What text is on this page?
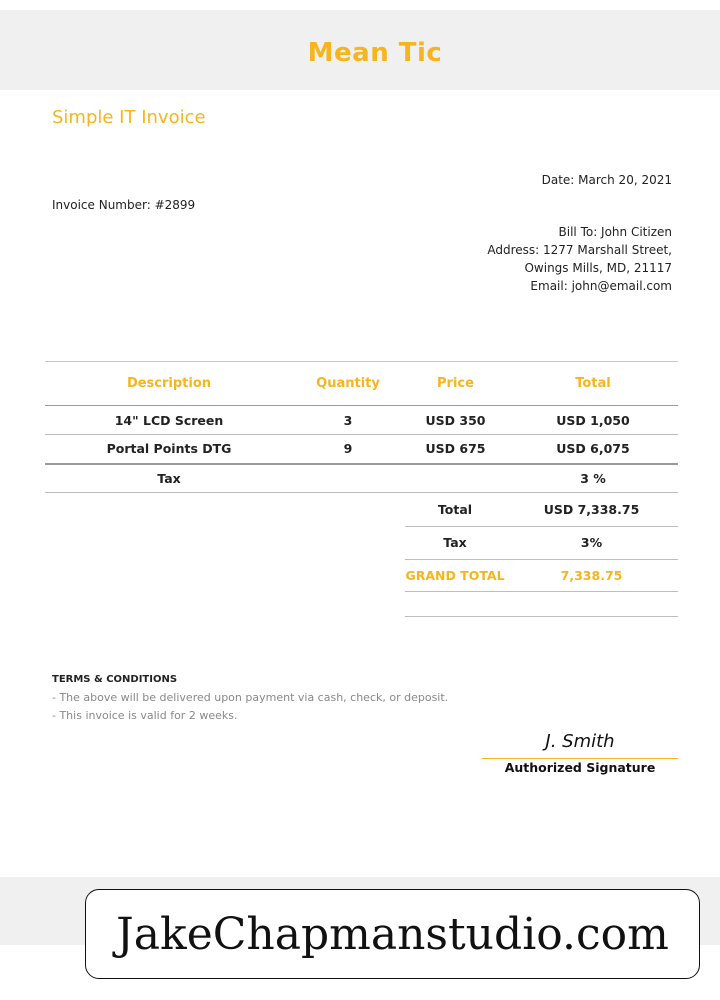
Mean Tic
Simple IT Invoice
Date: March 20, 2021
Invoice Number: #2899
Bill To: John Citizen
Address: 1277 Marshall Street,
Owings Mills, MD, 21117
Email: john@email.com
Description	Quantity	Price	Total
14" LCD Screen	3	USD 350	USD 1,050
Portal Points DTG	9	USD 675	USD 6,075
Tax			3 %
Total	USD 7,338.75
Tax	3%
GRAND TOTAL	7,338.75

TERMS & CONDITIONS
- The above will be delivered upon payment via cash, check, or deposit.
- This invoice is valid for 2 weeks.
J. Smith
Authorized Signature
JakeChapmanstudio.com
